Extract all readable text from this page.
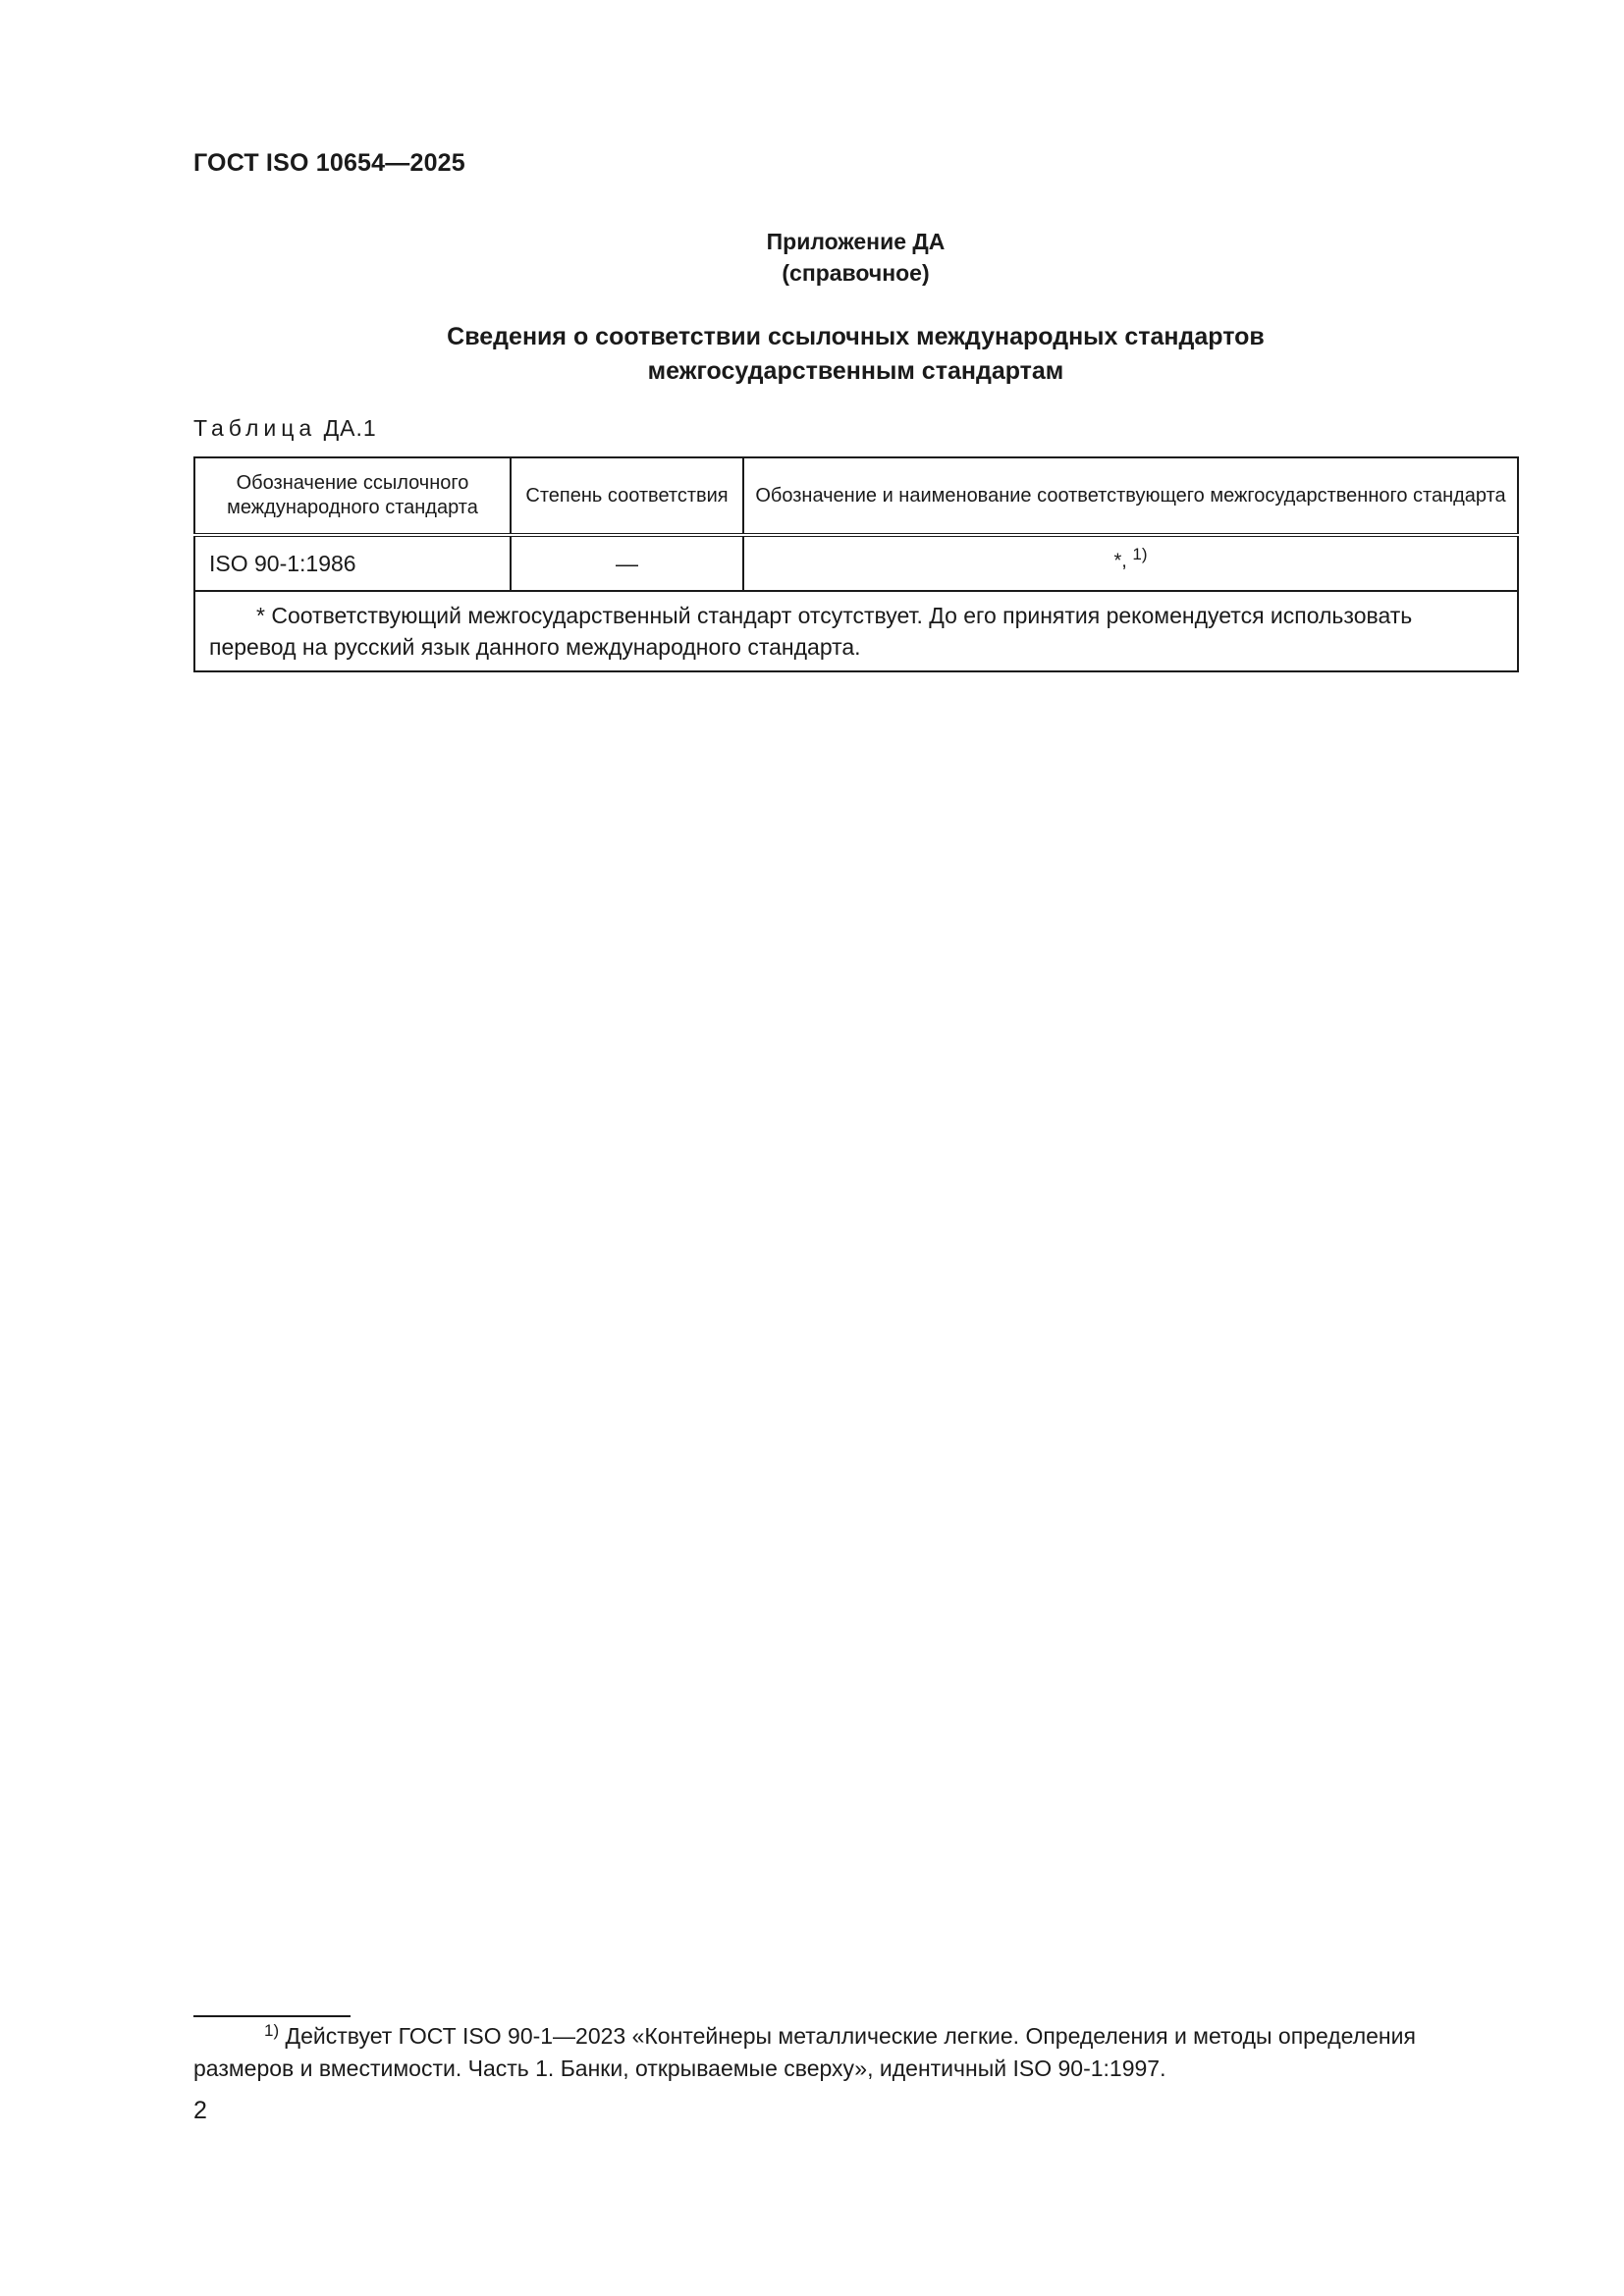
ГОСТ ISO 10654—2025
Приложение ДА
(справочное)
Сведения о соответствии ссылочных международных стандартов
межгосударственным стандартам
Таблица ДА.1
Обозначение ссылочного международного стандарта	Степень соответствия	Обозначение и наименование соответствующего межгосударственного стандарта
ISO 90-1:1986	—	*, $^{1)}$
* Соответствующий межгосударственный стандарт отсутствует. До его принятия рекомендуется использовать перевод на русский язык данного международного стандарта.		
$^{1)}$ Действует ГОСТ ISO 90-1—2023 «Контейнеры металлические легкие. Определения и методы определения размеров и вместимости. Часть 1. Банки, открываемые сверху», идентичный ISO 90-1:1997.
2
